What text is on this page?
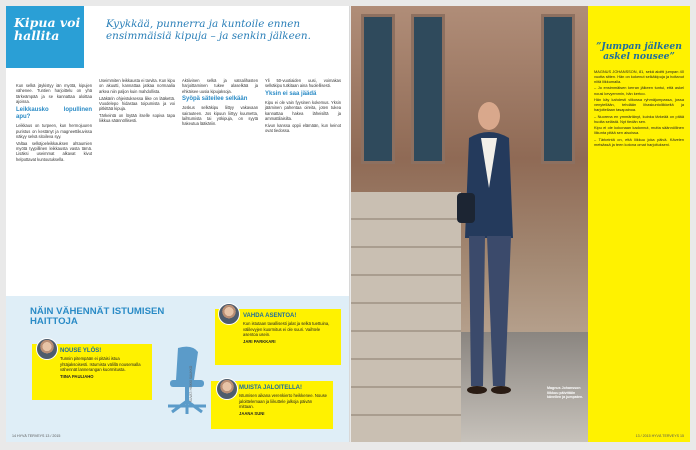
Kipua voi hallita
Kyykkää, punnerra ja kuntoile ennen ensimmäisiä kipuja – ja senkin jälkeen.

Kun selkä jäykistyy iän myötä, kipujen vähenee. Tuntien harjoittelu on yhä tärkeämpää ja se kannattaa aloittaa ajoissa.

Leikkausko lopullinen apu?

Leikkaus on turpeen, kun hermojuuren puristus on kestänyt ja magneettikuvissa näkyy selvä sitoileva syy.

Valtaa selkäjoeleikkauksen ahtaumien myötä tyypillinen leikkausta vasta tämä. Lisäksi useimmat alkavat kivut helpottavat kuntoutuksella.

Useimmiten leikkausta ei tarvita. Kun kipu on akuutti, kannattaa jatkaa normaalia arkea niin paljon kuin mahdollista.

Lääkärin ohjeistuksessa liike on lääkettä. Vuodelepo hidastaa toipumista ja voi pitkittää kipuja.

Tärkeintä on löytää itselle sopiva tapa liikkua säännöllisesti.

Aktiivinen selkä ja vatsalihasten harjoittaminen tukee alaselkää ja ehkäisee uusia kipujaksoja.

Syöpä säteilee selkään

Joskus selkäkipu liittyy vakavaan sairauteen. Jos kipuun liittyy kuumetta, laihtumista tai yökipuja, on syytä hakeutua lääkäriin.

Yli 50-vuotiaiden uusi, voimakas selkäkipu tutkitaan aina huolellisesti.

Yksin ei saa jäädä

Kipu ei ole vain fyysinen kokemus. Yksin jääminen pahentaa oireita, joten tukea kannattaa hakea läheisiltä ja ammattilaisilta.

Kivun kanssa oppii elämään, kun keinot ovat tiedossa.

NÄIN VÄHENNÄT ISTUMISEN HAITTOJA
NOUSE YLÖS!
Tunnin pitempään ei pitäisi istua yhtäjaksoisesti. Istumista välillä nousemalla vähennät lannerangan kuormitusta.
TIINA PAULIAHO
VAHDA ASENTOA!
Kun istutaan tavallisesti jalat ja selkä tuettuina, välilevyjen kuormitus ei ole suuri. Vaihtele asentoa usein.
JARI PARKKARI
MUISTA JALOITELLA!
Istumisen aikana verenkierto heikkenee. Nouse jaloittelemaan ja liikuttele jalkoja päivän mittaan.
JAANA SUNI
KUVAT: HEIKKI SAUKKO
14 HYVÄ TERVEYS 13 / 2015
Magnus Johansson liikkuu päivittäin kävellen ja jumpaten.
”Jumpan jälkeen askel nousee”

MAGNUS JOHANSSON, 81, sekä aloitti jumpan 40 vuotta sitten. Hän on kokenut selkäkipuja ja hoitanut niitä liikkumalla.

– Jo ensimmäisen kerran jälkeen tuntui, että askel nousi kevyemmin, hän kertoo.

Hän käy kahdesti viikossa ryhmäjumpassa, jossa venytellään, tehdään lihaskuntoliikkeitä ja harjoitellaan tasapainoa.

– Nuorena en ymmärtänyt, kuinka tärkeää on pitää huolta selästä. Nyt tiedän sen.

Kipu ei ole kokonaan kadonnut, mutta säännöllinen liikunta pitää sen aisoissa.

– Tärkeintä on, että liikkuu joka päivä. Kävelen metsässä ja teen kotona omat harjoitukseni.

13 / 2015 HYVÄ TERVEYS 15
